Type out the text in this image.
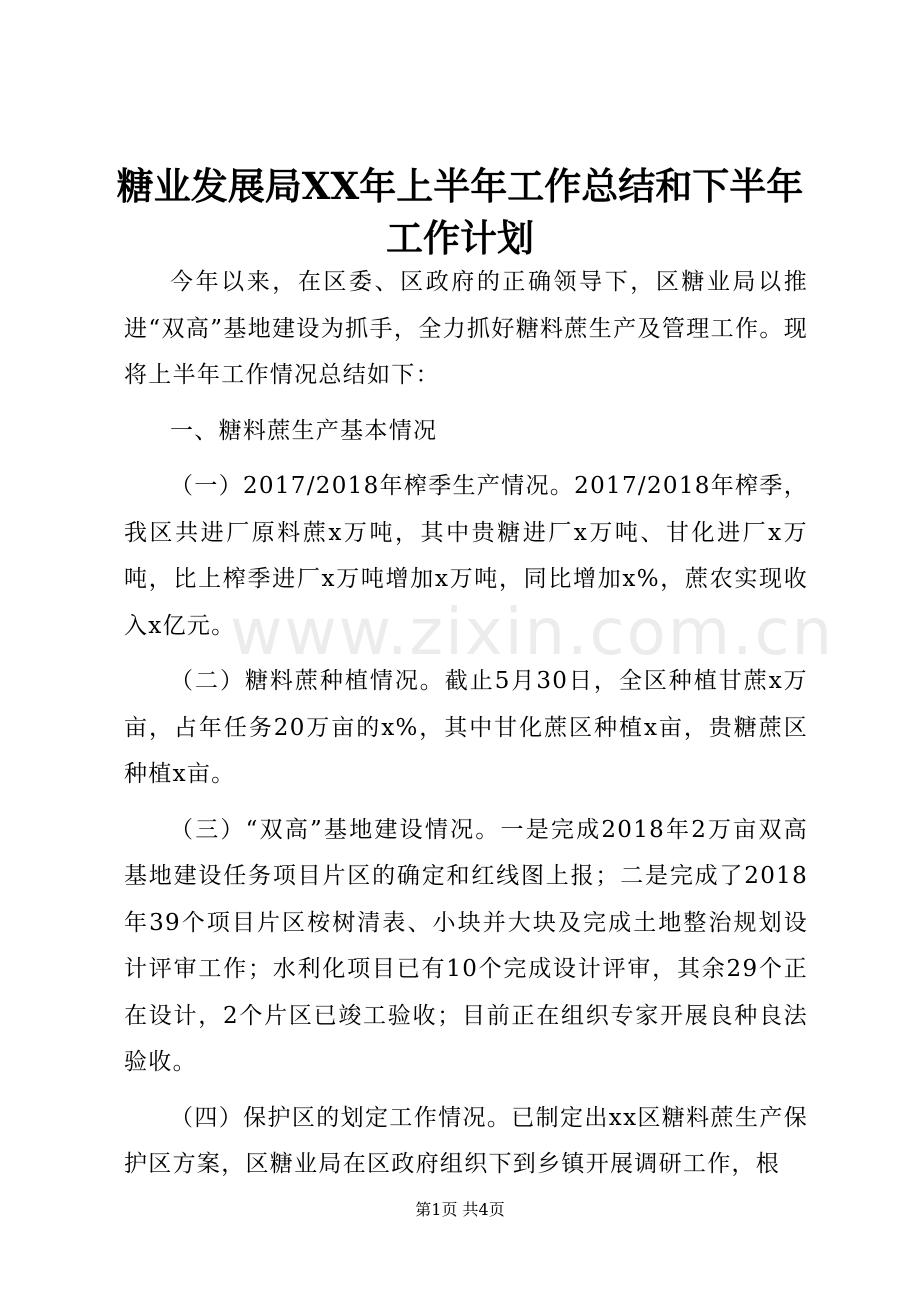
糖业发展局XX年上半年工作总结和下半年工作计划

今年以来，在区委、区政府的正确领导下，区糖业局以推进“双高”基地建设为抓手，全力抓好糖料蔗生产及管理工作。现将上半年工作情况总结如下：

一、糖料蔗生产基本情况

（一）2017/2018年榨季生产情况。2017/2018年榨季，我区共进厂原料蔗x万吨，其中贵糖进厂x万吨、甘化进厂x万吨，比上榨季进厂x万吨增加x万吨，同比增加x%，蔗农实现收入x亿元。

（二）糖料蔗种植情况。截止5月30日，全区种植甘蔗x万亩，占年任务20万亩的x%，其中甘化蔗区种植x亩，贵糖蔗区种植x亩。

（三）“双高”基地建设情况。一是完成2018年2万亩双高基地建设任务项目片区的确定和红线图上报；二是完成了2018年39个项目片区桉树清表、小块并大块及完成土地整治规划设计评审工作；水利化项目已有10个完成设计评审，其余29个正在设计，2个片区已竣工验收；目前正在组织专家开展良种良法验收。

（四）保护区的划定工作情况。已制定出xx区糖料蔗生产保护区方案，区糖业局在区政府组织下到乡镇开展调研工作，根

www.zixin.com.cn
第1页 共4页
